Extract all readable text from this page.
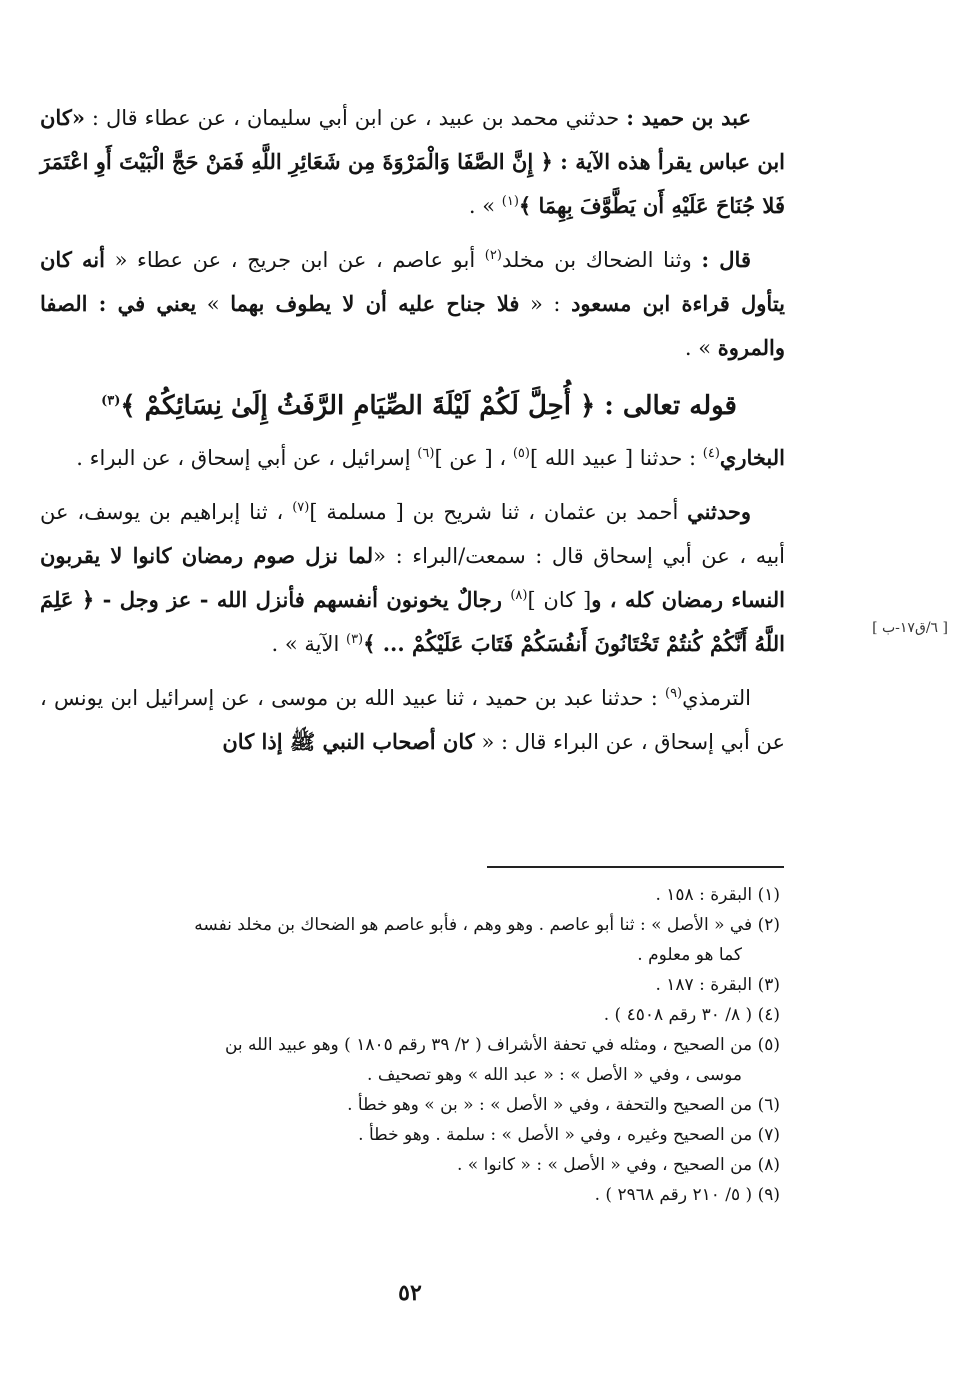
عبد بن حميد : حدثني محمد بن عبيد ، عن ابن أبي سليمان ، عن عطاء قال : «كان ابن عباس يقرأ هذه الآية : ﴿ إِنَّ الصَّفَا وَالْمَرْوَةَ مِن شَعَائِرِ اللَّهِ فَمَنْ حَجَّ الْبَيْتَ أَوِ اعْتَمَرَ فَلا جُنَاحَ عَلَيْهِ أَن يَطَّوَّفَ بِهِمَا ﴾$^{(١)}$ » .

قال : وثنا الضحاك بن مخلد$^{(٢)}$ أبو عاصم ، عن ابن جريج ، عن عطاء « أنه كان يتأول قراءة ابن مسعود : « فلا جناح عليه أن لا يطوف بهما » يعني في : الصفا والمروة » .

قوله تعالى : ﴿ أُحِلَّ لَكُمْ لَيْلَةَ الصِّيَامِ الرَّفَثُ إِلَىٰ نِسَائِكُمْ ﴾$^{(٣)}$

البخاري$^{(٤)}$ : حدثنا [ عبيد الله ]$^{(٥)}$ ، [ عن ]$^{(٦)}$ إسرائيل ، عن أبي إسحاق ، عن البراء .

وحدثني أحمد بن عثمان ، ثنا شريح بن [ مسلمة ]$^{(٧)}$ ، ثنا إبراهيم بن يوسف، عن أبيه ، عن أبي إسحاق قال : سمعت/البراء : «لما نزل صوم رمضان كانوا لا يقربون النساء رمضان كله ، و[ كان ]$^{(٨)}$ رجالٌ يخونون أنفسهم فأنزل الله - عز وجل - ﴿ عَلِمَ اللَّهُ أَنَّكُمْ كُنتُمْ تَخْتَانُونَ أَنفُسَكُمْ فَتَابَ عَلَيْكُمْ ... ﴾$^{(٣)}$ الآية » .

الترمذي$^{(٩)}$ : حدثنا عبد بن حميد ، ثنا عبيد الله بن موسى ، عن إسرائيل ابن يونس ، عن أبي إسحاق ، عن البراء قال : « كان أصحاب النبي ﷺ إذا كان

[ ٦/ق١٧-ب ]

(١) البقرة : ١٥٨ .

(٢) في « الأصل » : ثنا أبو عاصم . وهو وهم ، فأبو عاصم هو الضحاك بن مخلد نفسه

كما هو معلوم .

(٣) البقرة : ١٨٧ .

(٤) ( ٨/ ٣٠ رقم ٤٥٠٨ ) .

(٥) من الصحيح ، ومثله في تحفة الأشراف ( ٢/ ٣٩ رقم ١٨٠٥ ) وهو عبيد الله بن

موسى ، وفي « الأصل » : « عبد الله » وهو تصحيف .

(٦) من الصحيح والتحفة ، وفي « الأصل » : « بن » وهو خطأ .

(٧) من الصحيح وغيره ، وفي « الأصل » : سلمة . وهو خطأ .

(٨) من الصحيح ، وفي « الأصل » : « كانوا » .

(٩) ( ٥/ ٢١٠ رقم ٢٩٦٨ ) .

٥٢
